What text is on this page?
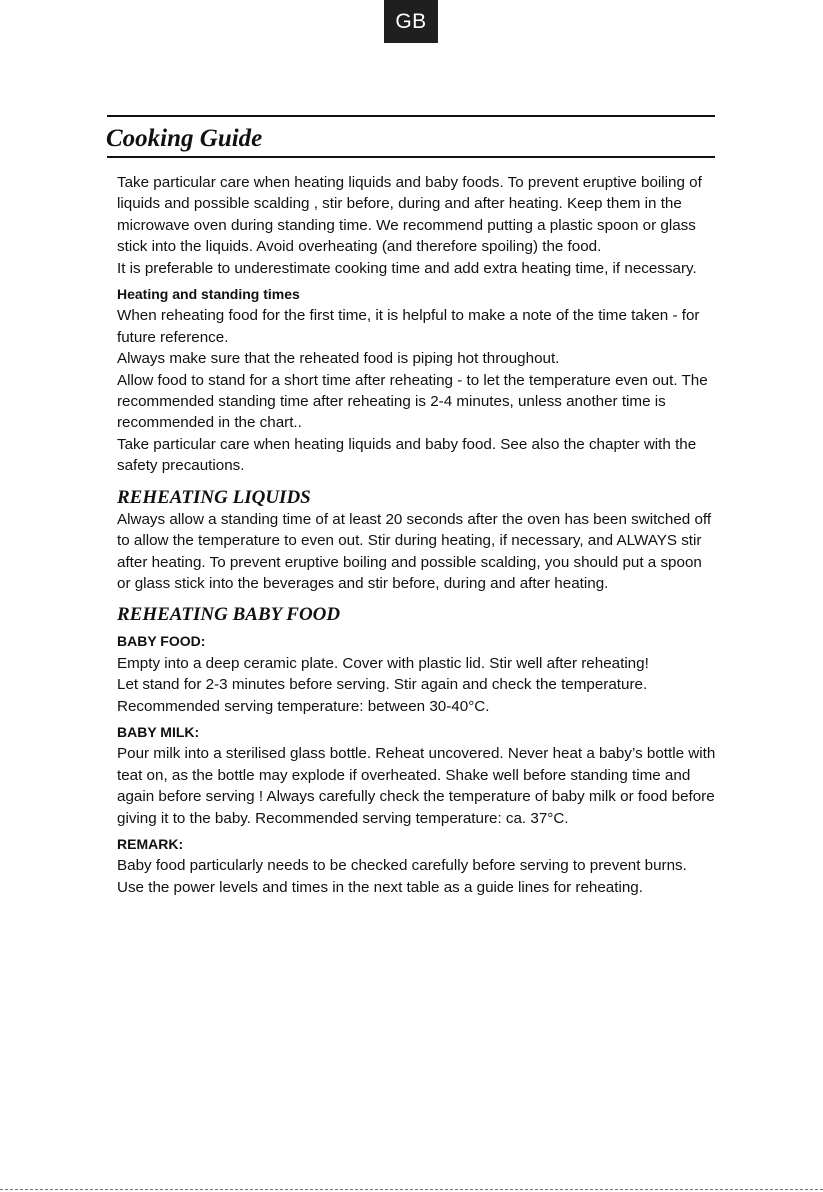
GB
Cooking Guide

Take particular care when heating liquids and baby foods. To prevent eruptive boiling of liquids and possible scalding , stir before, during and after heating. Keep them in the microwave oven during standing time. We recommend putting a plastic spoon or glass stick into the liquids. Avoid overheating (and therefore spoiling) the food.

It is preferable to underestimate cooking time and add extra heating time, if necessary.

Heating and standing times

When reheating food for the first time, it is helpful to make a note of the time taken - for future reference.

Always make sure that the reheated food is piping hot throughout.

Allow food to stand for a short time after reheating - to let the temperature even out. The recommended standing time after reheating is 2-4 minutes, unless another time is recommended in the chart..

Take particular care when heating liquids and baby food. See also the chapter with the safety precautions.

REHEATING LIQUIDS

Always allow a standing time of at least 20 seconds after the oven has been switched off to allow the temperature to even out. Stir during heating, if necessary, and ALWAYS stir after heating. To prevent eruptive boiling and possible scalding, you should put a spoon or glass stick into the beverages and stir before, during and after heating.

REHEATING BABY FOOD

BABY FOOD:

Empty into a deep ceramic plate. Cover with plastic lid. Stir well after reheating!

Let stand for 2-3 minutes before serving. Stir again and check the temperature.

Recommended serving temperature: between 30-40°C.

BABY MILK:

Pour milk into a sterilised glass bottle. Reheat uncovered. Never heat a baby’s bottle with teat on, as the bottle may explode if overheated. Shake well before standing time and again before serving ! Always carefully check the temperature of baby milk or food before giving it to the baby. Recommended serving temperature: ca. 37°C.

REMARK:

Baby food particularly needs to be checked carefully before serving to prevent burns.

Use the power levels and times in the next table as a guide lines for reheating.
